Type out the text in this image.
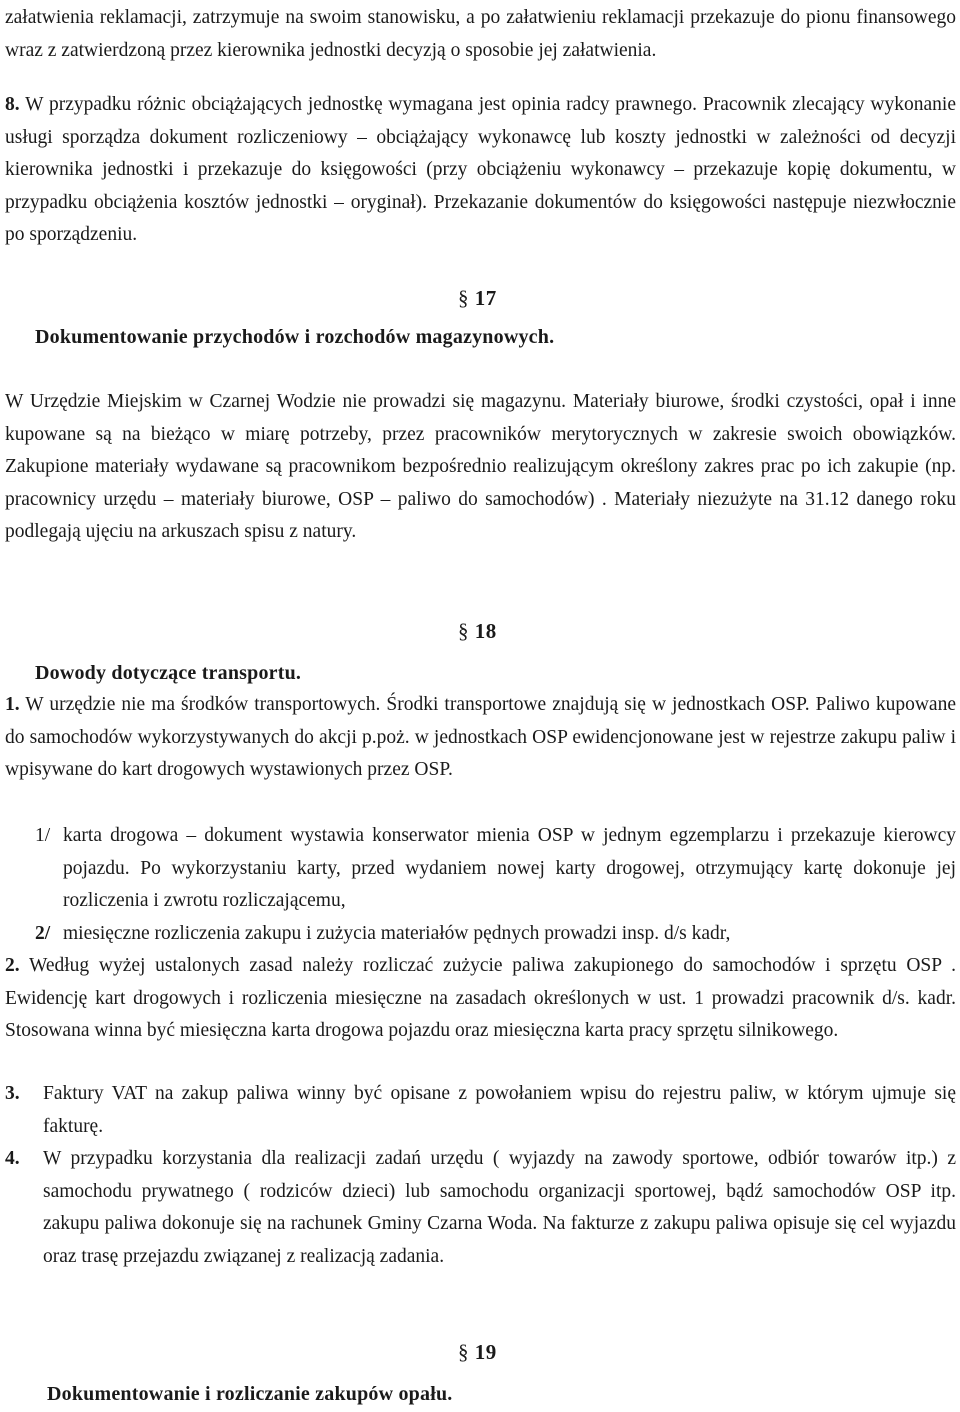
załatwienia reklamacji, zatrzymuje na swoim stanowisku, a po załatwieniu reklamacji przekazuje do pionu finansowego wraz z zatwierdzoną przez kierownika jednostki decyzją o sposobie jej załatwienia.

8. W przypadku różnic obciążających jednostkę wymagana jest opinia radcy prawnego. Pracownik zlecający wykonanie usługi sporządza dokument rozliczeniowy – obciążający wykonawcę lub koszty jednostki w zależności od decyzji kierownika jednostki i przekazuje do księgowości (przy obciążeniu wykonawcy – przekazuje kopię dokumentu, w przypadku obciążenia kosztów jednostki – oryginał). Przekazanie dokumentów do księgowości następuje niezwłocznie po sporządzeniu.

§ 17
Dokumentowanie przychodów i rozchodów magazynowych.

W Urzędzie Miejskim w Czarnej Wodzie nie prowadzi się magazynu. Materiały biurowe, środki czystości, opał i inne kupowane są na bieżąco w miarę potrzeby, przez pracowników merytorycznych w zakresie swoich obowiązków. Zakupione materiały wydawane są pracownikom bezpośrednio realizującym określony zakres prac po ich zakupie (np. pracownicy urzędu – materiały biurowe, OSP – paliwo do samochodów) . Materiały niezużyte na 31.12 danego roku podlegają ujęciu na arkuszach spisu z natury.

§ 18
Dowody dotyczące transportu.

1. W urzędzie nie ma środków transportowych. Środki transportowe znajdują się w jednostkach OSP. Paliwo kupowane do samochodów wykorzystywanych do akcji p.poż. w jednostkach OSP ewidencjonowane jest w rejestrze zakupu paliw i wpisywane do kart drogowych wystawionych przez OSP.

1/ karta drogowa – dokument wystawia konserwator mienia OSP w jednym egzemplarzu i przekazuje kierowcy pojazdu. Po wykorzystaniu karty, przed wydaniem nowej karty drogowej, otrzymujący kartę dokonuje jej rozliczenia i zwrotu rozliczającemu,
2/ miesięczne rozliczenia zakupu i zużycia materiałów pędnych prowadzi insp. d/s kadr,

2. Według wyżej ustalonych zasad należy rozliczać zużycie paliwa zakupionego do samochodów i sprzętu OSP . Ewidencję kart drogowych i rozliczenia miesięczne na zasadach określonych w ust. 1 prowadzi pracownik d/s. kadr. Stosowana winna być miesięczna karta drogowa pojazdu oraz miesięczna karta pracy sprzętu silnikowego.

3. Faktury VAT na zakup paliwa winny być opisane z powołaniem wpisu do rejestru paliw, w którym ujmuje się fakturę.
4. W przypadku korzystania dla realizacji zadań urzędu ( wyjazdy na zawody sportowe, odbiór towarów itp.) z samochodu prywatnego ( rodziców dzieci) lub samochodu organizacji sportowej, bądź samochodów OSP itp. zakupu paliwa dokonuje się na rachunek Gminy Czarna Woda. Na fakturze z zakupu paliwa opisuje się cel wyjazdu oraz trasę przejazdu związanej z realizacją zadania.
§ 19
Dokumentowanie i rozliczanie zakupów opału.
